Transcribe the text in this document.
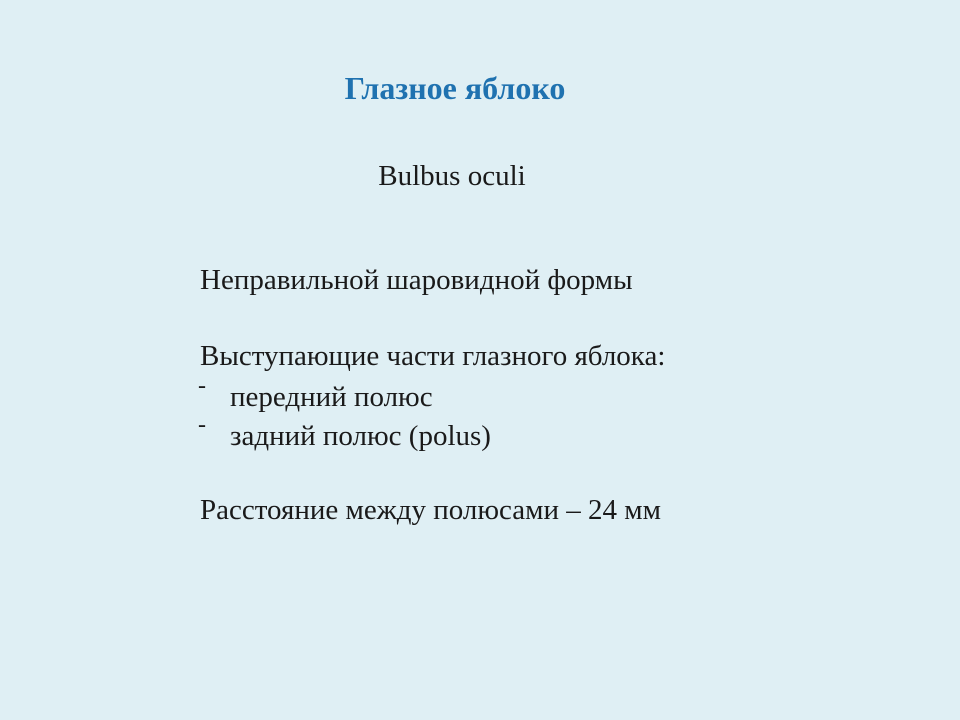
Глазное яблоко
Bulbus oculi
Неправильной шаровидной формы
Выступающие части глазного яблока:
- передний полюс
- задний полюс (polus)
Расстояние между полюсами – 24 мм
